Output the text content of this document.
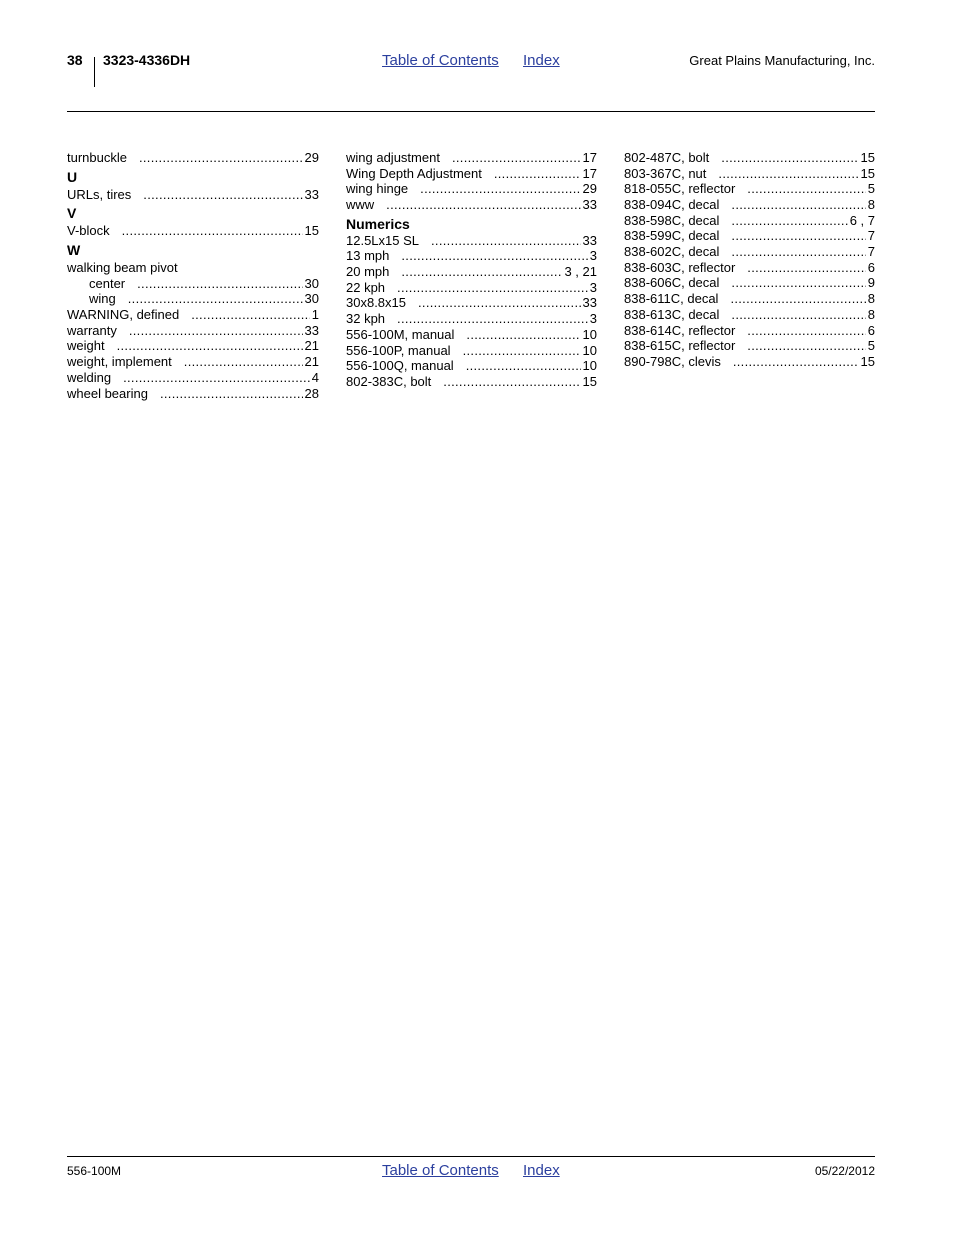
38 3323-4336DH	Table of Contents Index	Great Plains Manufacturing, Inc.
turnbuckle .....	29
U
URLs, tires .....	33
V
V-block .....	15
W
walking beam pivot
center .....	30
wing .....	30
WARNING, defined .....	1
warranty .....	33
weight .....	21
weight, implement .....	21
welding .....	4
wheel bearing .....	28
wing adjustment .....	17
Wing Depth Adjustment .....	17
wing hinge .....	29
www .....	33
Numerics
12.5Lx15 SL .....	33
13 mph .....	3
20 mph .....	3 , 21
22 kph .....	3
30x8.8x15 .....	33
32 kph .....	3
556-100M, manual .....	10
556-100P, manual .....	10
556-100Q, manual .....	10
802-383C, bolt .....	15
802-487C, bolt .....	15
803-367C, nut .....	15
818-055C, reflector .....	5
838-094C, decal .....	8
838-598C, decal .....	6 , 7
838-599C, decal .....	7
838-602C, decal .....	7
838-603C, reflector .....	6
838-606C, decal .....	9
838-611C, decal .....	8
838-613C, decal .....	8
838-614C, reflector .....	6
838-615C, reflector .....	5
890-798C, clevis .....	15
556-100M	Table of Contents Index	05/22/2012
